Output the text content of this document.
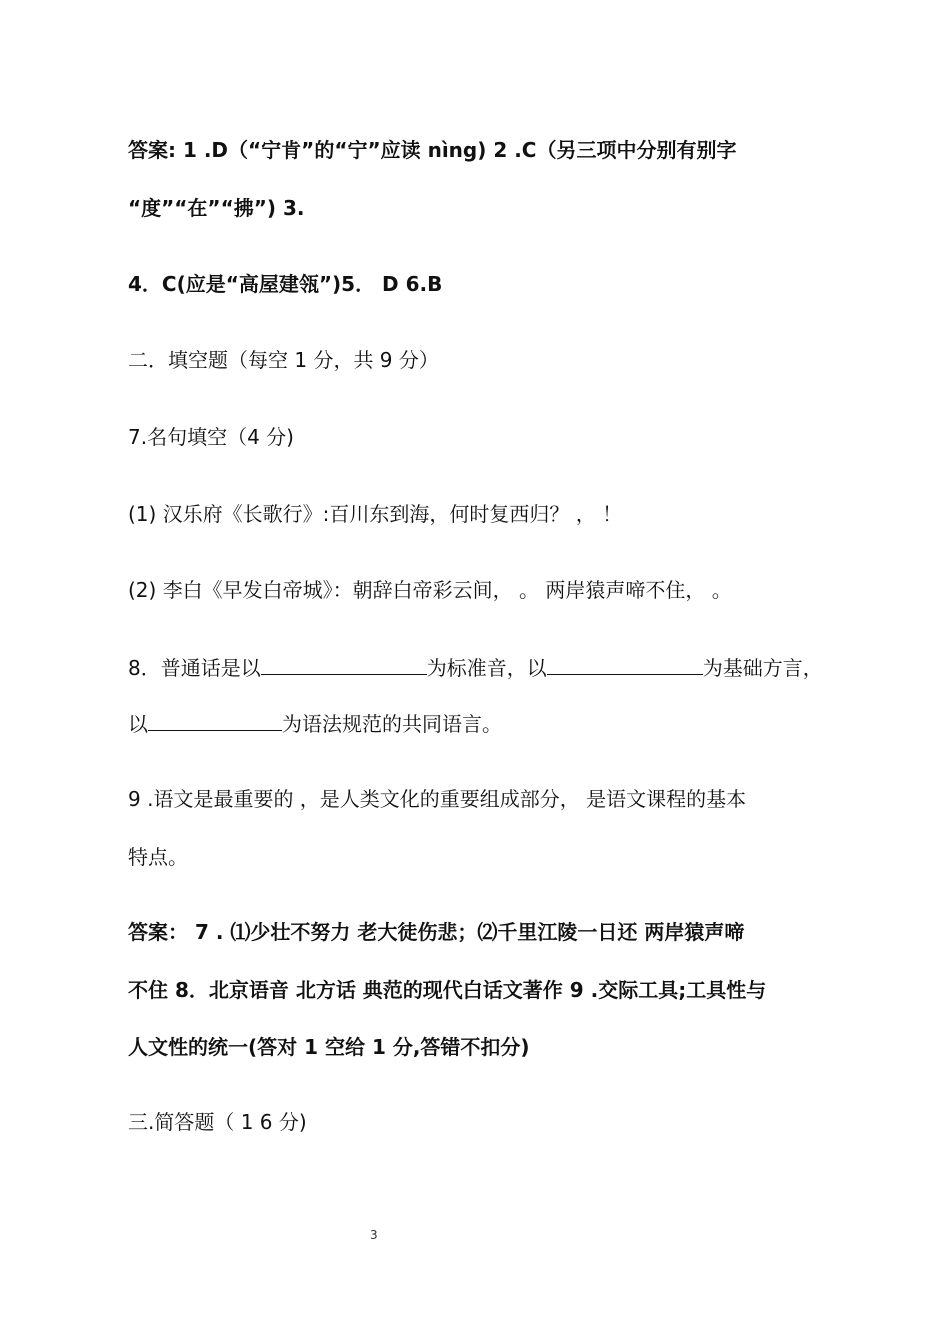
答案: 1 .D（“宁肯”的“宁”应读 nìng) 2 .C（另三项中分别有别字
“度”“在”“拂”) 3.
4．C(应是“高屋建瓴”)5． D 6.B
二．填空题（每空 1 分，共 9 分）
7.名句填空（4 分)
(1) 汉乐府《长歌行》:百川东到海，何时复西归？ ， ！
(2) 李白《早发白帝城》：朝辞白帝彩云间， 。 两岸猿声啼不住， 。
8．普通话是以	为标准音，以	为基础方言，
以	为语法规范的共同语言。
9 .语文是最重要的 ，是人类文化的重要组成部分， 是语文课程的基本
特点。
答案： 7 . ⑴少壮不努力 老大徒伤悲；⑵千里江陵一日还 两岸猿声啼
不住 8．北京语音 北方话 典范的现代白话文著作 9 .交际工具;工具性与
人文性的统一(答对 1 空给 1 分,答错不扣分)
三.简答题（ 1 6 分)
3
